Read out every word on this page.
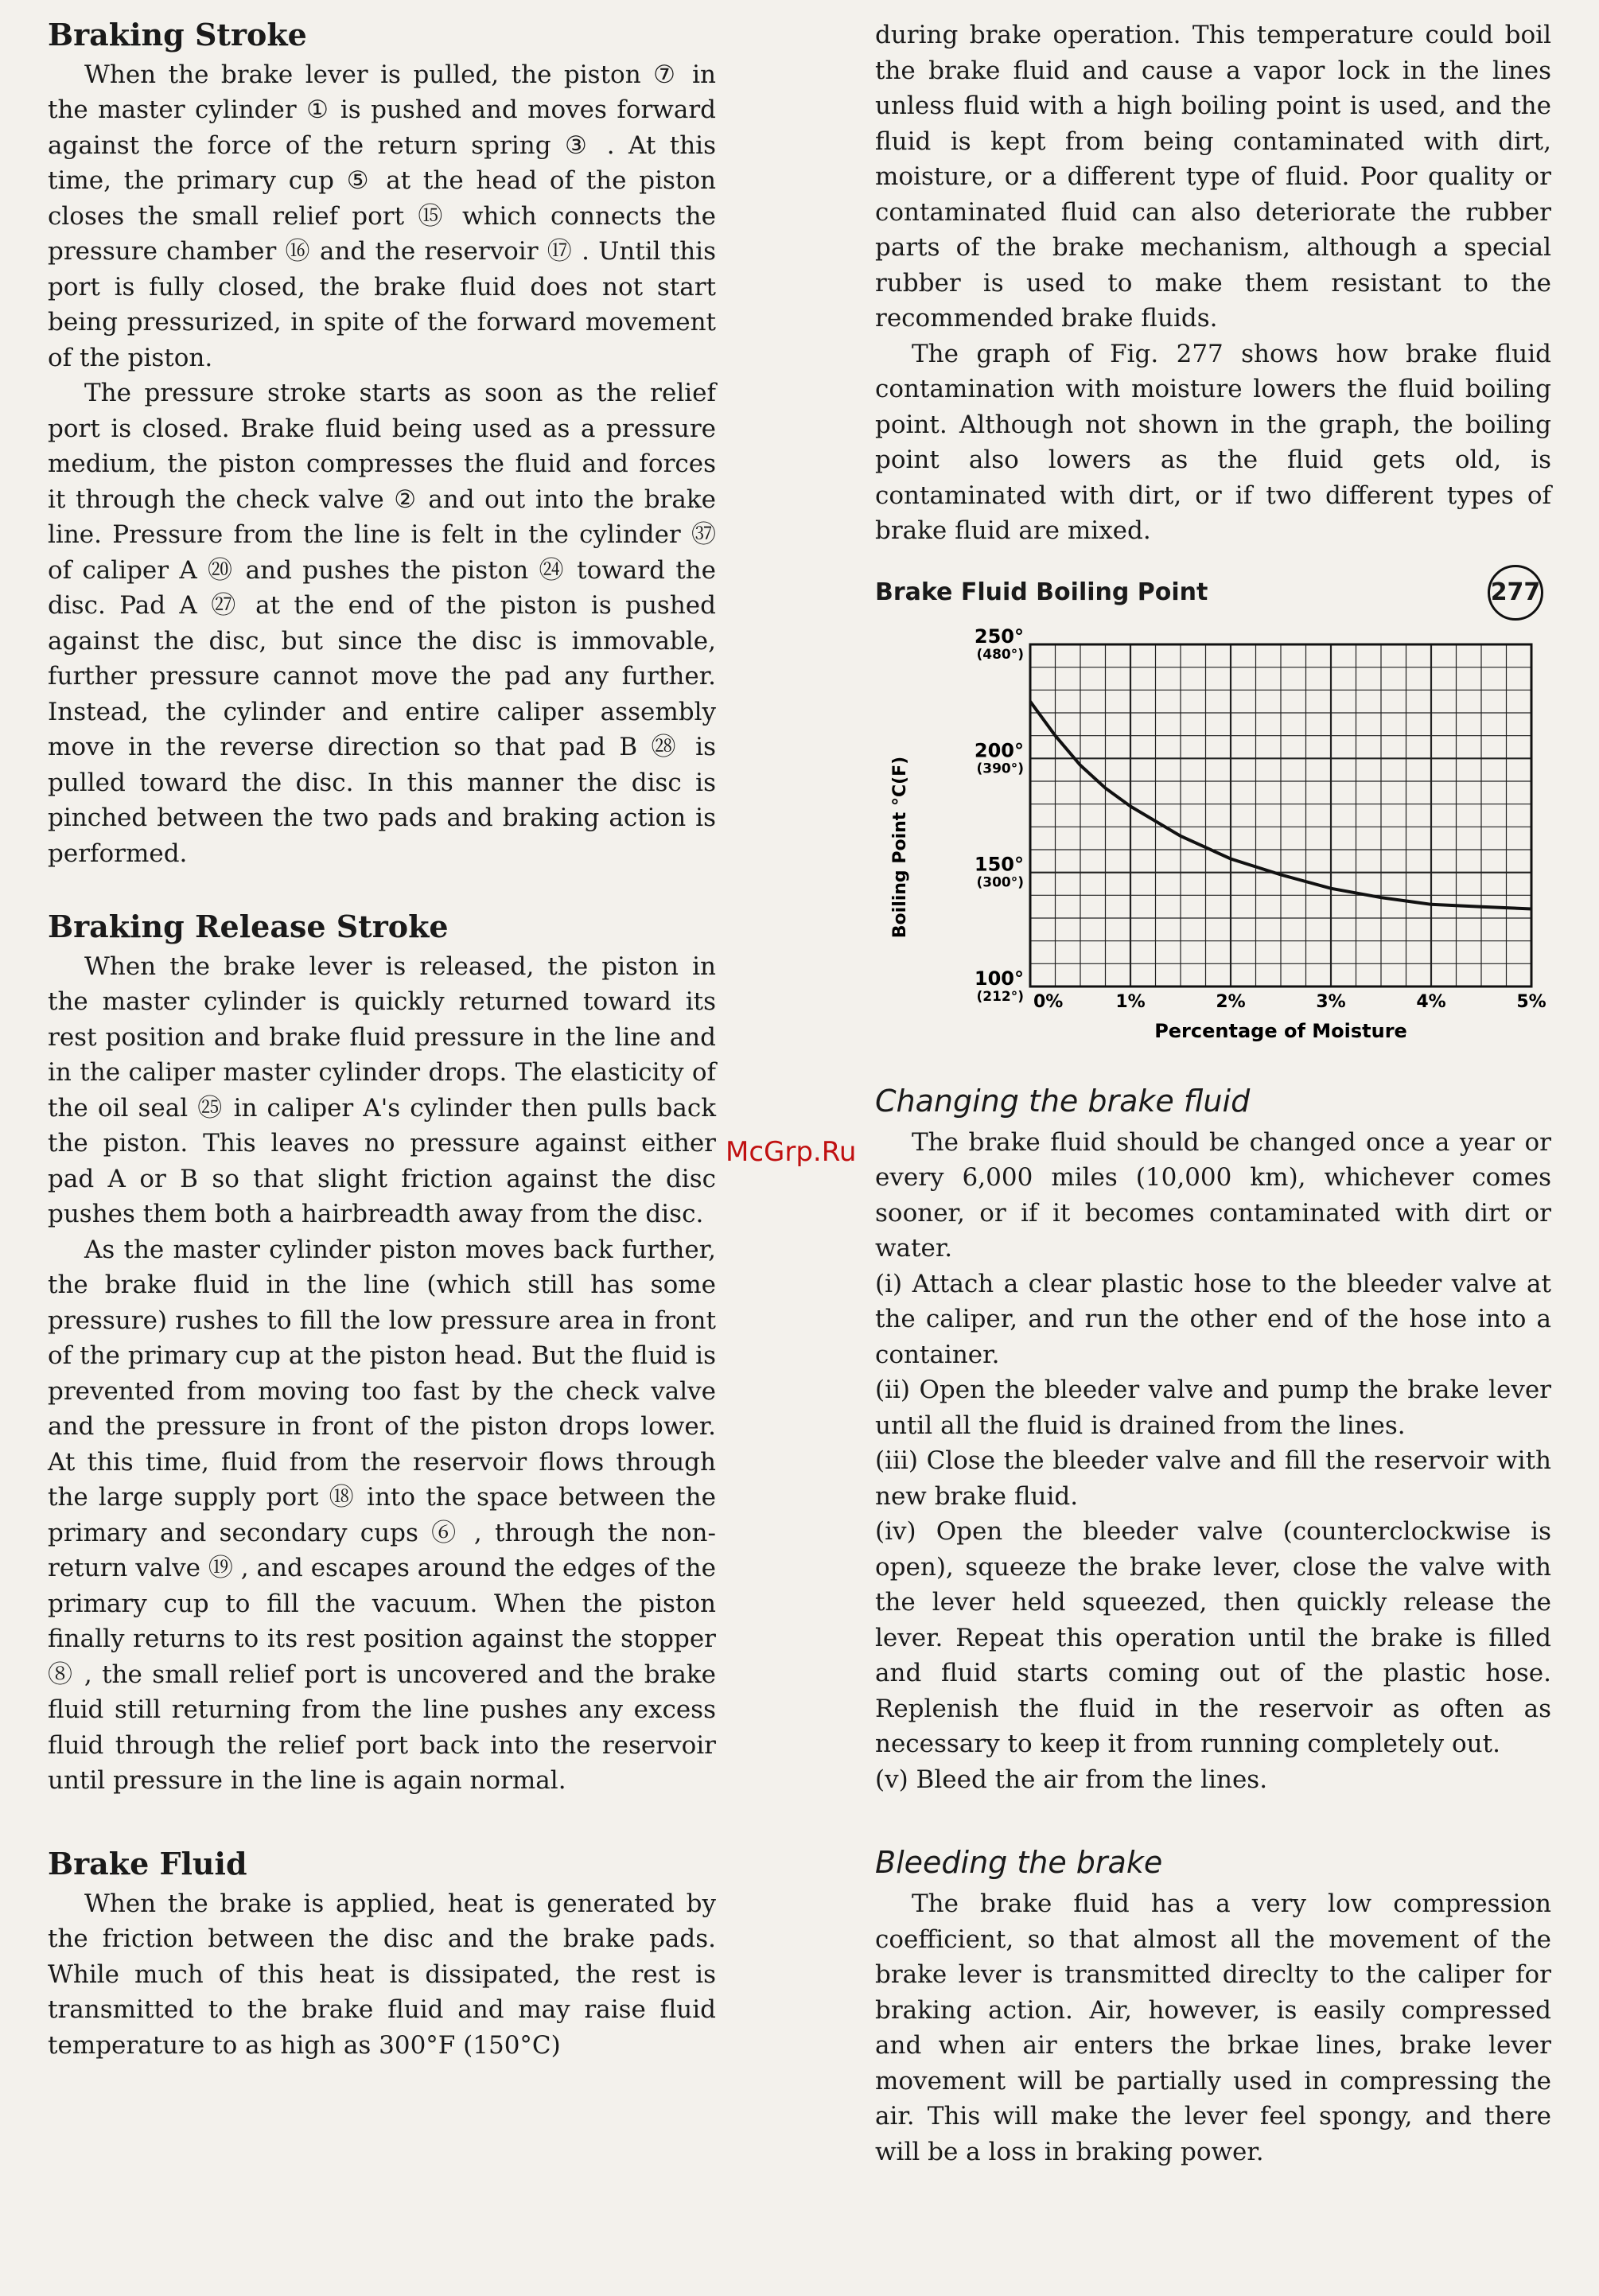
Braking Stroke

When the brake lever is pulled, the piston ⑦ in the master cylinder ① is pushed and moves forward against the force of the return spring ③ . At this time, the primary cup ⑤ at the head of the piston closes the small relief port ⑮ which connects the pressure chamber ⑯ and the reservoir ⑰ . Until this port is fully closed, the brake fluid does not start being pressurized, in spite of the forward movement of the piston.

The pressure stroke starts as soon as the relief port is closed. Brake fluid being used as a pressure medium, the piston compresses the fluid and forces it through the check valve ② and out into the brake line. Pressure from the line is felt in the cylinder ㊲ of caliper A ⑳ and pushes the piston ㉔ toward the disc. Pad A ㉗ at the end of the piston is pushed against the disc, but since the disc is immovable, further pressure cannot move the pad any further. Instead, the cylinder and entire caliper assembly move in the reverse direction so that pad B ㉘ is pulled toward the disc. In this manner the disc is pinched between the two pads and braking action is performed.

Braking Release Stroke

When the brake lever is released, the piston in the master cylinder is quickly returned toward its rest position and brake fluid pressure in the line and in the caliper master cylinder drops. The elasticity of the oil seal ㉕ in caliper A's cylinder then pulls back the piston. This leaves no pressure against either pad A or B so that slight friction against the disc pushes them both a hairbreadth away from the disc.

As the master cylinder piston moves back further, the brake fluid in the line (which still has some pressure) rushes to fill the low pressure area in front of the primary cup at the piston head. But the fluid is prevented from moving too fast by the check valve and the pressure in front of the piston drops lower. At this time, fluid from the reservoir flows through the large supply port ⑱ into the space between the primary and secondary cups ⑥ , through the non-return valve ⑲ , and escapes around the edges of the primary cup to fill the vacuum. When the piston finally returns to its rest position against the stopper ⑧ , the small relief port is uncovered and the brake fluid still returning from the line pushes any excess fluid through the relief port back into the reservoir until pressure in the line is again normal.

Brake Fluid

When the brake is applied, heat is generated by the friction between the disc and the brake pads. While much of this heat is dissipated, the rest is transmitted to the brake fluid and may raise fluid temperature to as high as 300°F (150°C)

during brake operation. This temperature could boil the brake fluid and cause a vapor lock in the lines unless fluid with a high boiling point is used, and the fluid is kept from being contaminated with dirt, moisture, or a different type of fluid. Poor quality or contaminated fluid can also deteriorate the rubber parts of the brake mechanism, although a special rubber is used to make them resistant to the recommended brake fluids.

The graph of Fig. 277 shows how brake fluid contamination with moisture lowers the fluid boiling point. Although not shown in the graph, the boiling point also lowers as the fluid gets old, is contaminated with dirt, or if two different types of brake fluid are mixed.

Brake Fluid Boiling Point	277
100°
(212°)
150°
(300°)
200°
(390°)
250°
(480°)
0%	1%	2%	3%	4%	5%
Boiling Point °C(F)
Percentage of Moisture
Changing the brake fluid

The brake fluid should be changed once a year or every 6,000 miles (10,000 km), whichever comes sooner, or if it becomes contaminated with dirt or water.

(i) Attach a clear plastic hose to the bleeder valve at the caliper, and run the other end of the hose into a container.

(ii) Open the bleeder valve and pump the brake lever until all the fluid is drained from the lines.

(iii) Close the bleeder valve and fill the reservoir with new brake fluid.

(iv) Open the bleeder valve (counterclockwise is open), squeeze the brake lever, close the valve with the lever held squeezed, then quickly release the lever. Repeat this operation until the brake is filled and fluid starts coming out of the plastic hose. Replenish the fluid in the reservoir as often as necessary to keep it from running completely out.

(v) Bleed the air from the lines.

Bleeding the brake

The brake fluid has a very low compression coefficient, so that almost all the movement of the brake lever is transmitted direclty to the caliper for braking action. Air, however, is easily compressed and when air enters the brkae lines, brake lever movement will be partially used in compressing the air. This will make the lever feel spongy, and there will be a loss in braking power.

McGrp.Ru
